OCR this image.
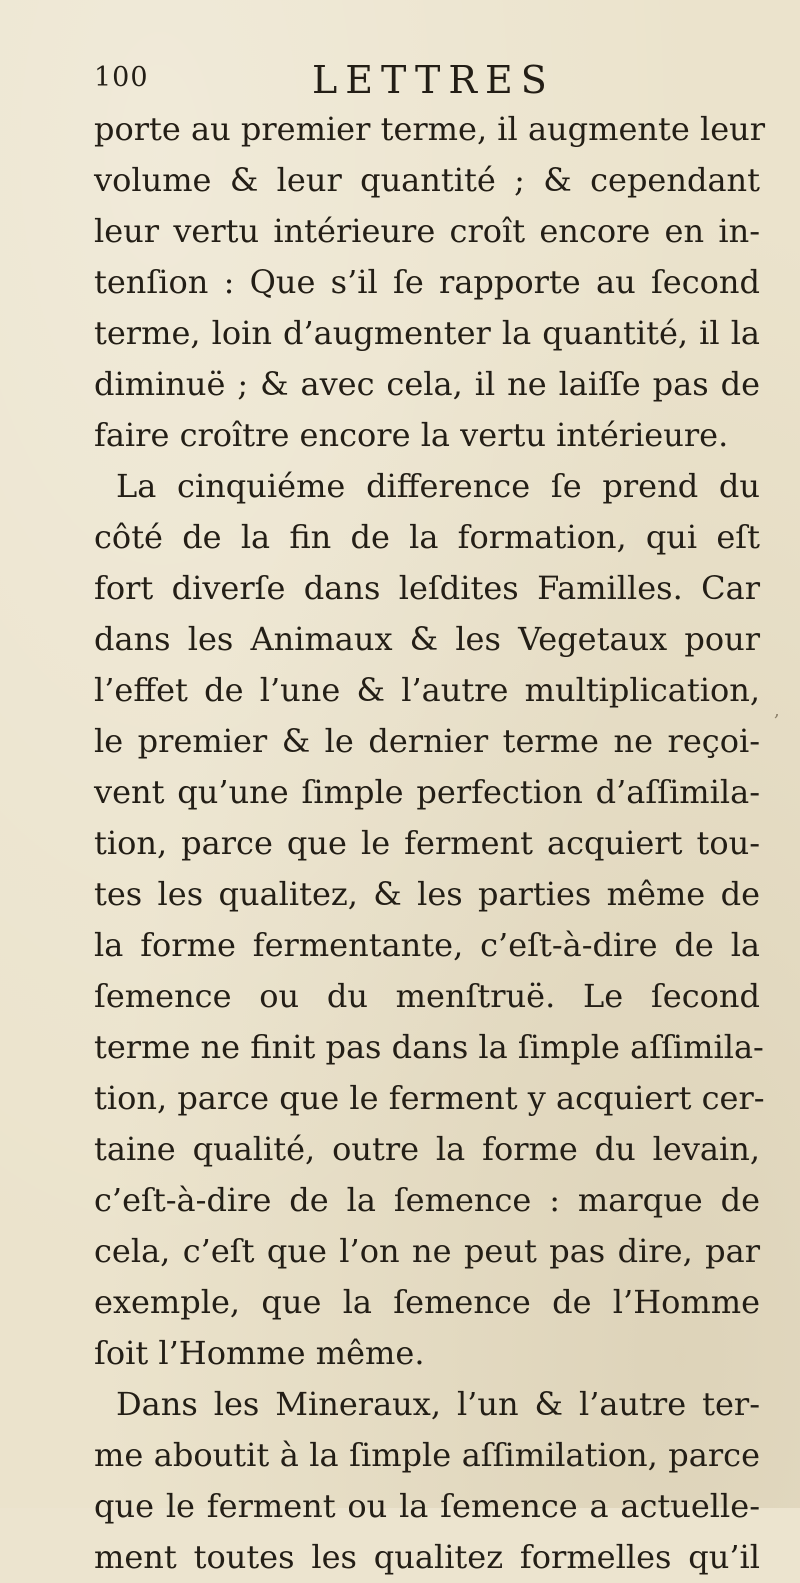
100	LETTRES
porte au premier terme, il augmente leur
volume & leur quantité ; & cependant
leur vertu intérieure croît encore en in-
tenſion : Que s’il ſe rapporte au ſecond
terme, loin d’augmenter la quantité, il la
diminuë ; & avec cela, il ne laiſſe pas de
faire croître encore la vertu intérieure.
La cinquiéme difference ſe prend du
côté de la fin de la formation, qui eſt
fort diverſe dans leſdites Familles. Car
dans les Animaux & les Vegetaux pour
l’effet de l’une & l’autre multiplication,
le premier & le dernier terme ne reçoi-
vent qu’une ſimple perfection d’aſſimila-
tion, parce que le ferment acquiert tou-
tes les qualitez, & les parties même de
la forme fermentante, c’eſt-à-dire de la
ſemence ou du menſtruë. Le ſecond
terme ne finit pas dans la ſimple aſſimila-
tion, parce que le ferment y acquiert cer-
taine qualité, outre la forme du levain,
c’eſt-à-dire de la ſemence : marque de
cela, c’eſt que l’on ne peut pas dire, par
exemple, que la ſemence de l’Homme
ſoit l’Homme même.
Dans les Mineraux, l’un & l’autre ter-
me aboutit à la ſimple aſſimilation, parce
que le ferment ou la ſemence a actuelle-
ment toutes les qualitez formelles qu’il
,
